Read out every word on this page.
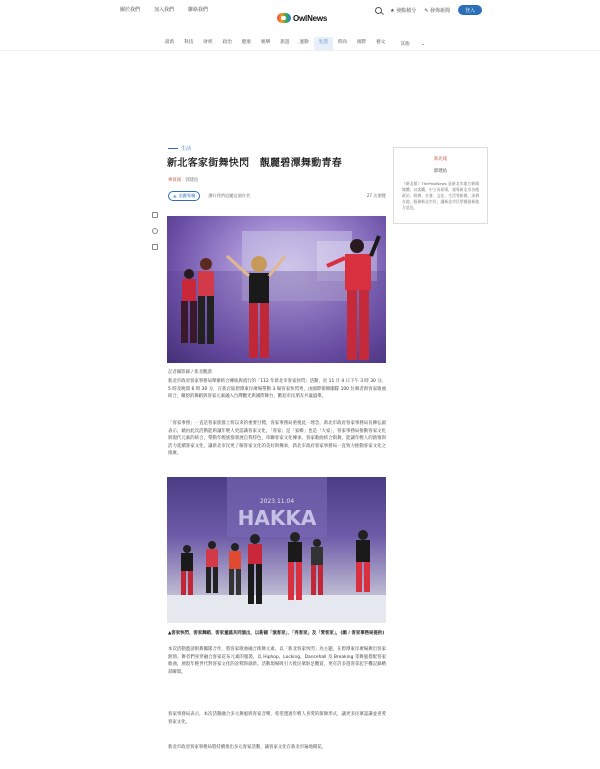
關於我們	加入我們	聯絡我們
OwlNews
★ 發點積分 ✎ 發佈新聞	登入
最新	科技	財經	政治	健康	娛樂	旅遊	運動	生活	時尚	國際	藝文	其他 ⌄
生活
新北客家街舞快閃　靚麗碧潭舞動青春
專員報 郭建佑
⊕ 追蹤專欄	讚好我們追蹤這個作者	27 次瀏覽
記者攝影錄 / 新北觀讀

新北市政府客家事務局舉辦結合傳統與流行的「112 年新北市客家快閃」活動，於 11 月 4 日下午 3 時 30 分、5 時及晚間 6 時 30 分，在新店區碧潭東岸廣場帶動 3 場客家快閃秀，由國際街舞團隊 100 位舞者與客家歌曲結合，繽紛的舞蹈與客家元素融入台灣觀光與國際舞台，歡迎市民朋友共襄盛舉。

「客家事務」一直是客家族群上班以來的重要目標，客家事務局重視此一理念，新北市政府客家事務局長陳弘毅表示，藉由此次活動能夠讓年輕人更認識客家文化，「客家」是「家鄉」也是「大家」，客家事務局推動客家文化與現代元素的結合，帶動年輕族群發展自我特色，串聯客家文化傳承，客家歌曲結合街舞，能讓年輕人的熱情與活力延續客家文化，讓新北市民更了解客家文化的美好與傳承，新北市政府客家事務局一直致力推動客家文化之推廣。

2023.11.04
HAKKA

▲客家快閃、客家舞蹈、客家童謠共同演出，以新穎「演客家」、「秀客家」及「愛客家」，(圖 / 客家事務局提供)

本次活動邀請街舞團隊合作，將客家歌曲融合街舞元素，以「新北客家快閃」為主題，在碧潭東岸廣場舞出客家熱情。舞者們身穿融合客家花布元素的服裝，以 Hiphop、Locking、Dancehall 及 Breaking 等舞風搭配客家歌曲，展現年輕世代對客家文化的詮釋與創新。活動現場吸引大批民眾駐足觀賞，更有許多遊客拿起手機記錄精彩瞬間。

客家事務局表示，本次活動融合多元舞風與客家音樂，希望透過年輕人喜愛的街舞形式，讓更多民眾認識並喜愛客家文化。

新北市政府客家事務局將持續推出多元客家活動，讓客家文化在新北市遍地開花。

新北報
郭建佑
《新北報》ThePostNews 是新北市地方新聞媒體，以客觀、中立為原則，報導新北市各地政治、經濟、社會、文化、生活等新聞，深耕在地，服務新北市民，讓新北市民掌握最新地方消息。
